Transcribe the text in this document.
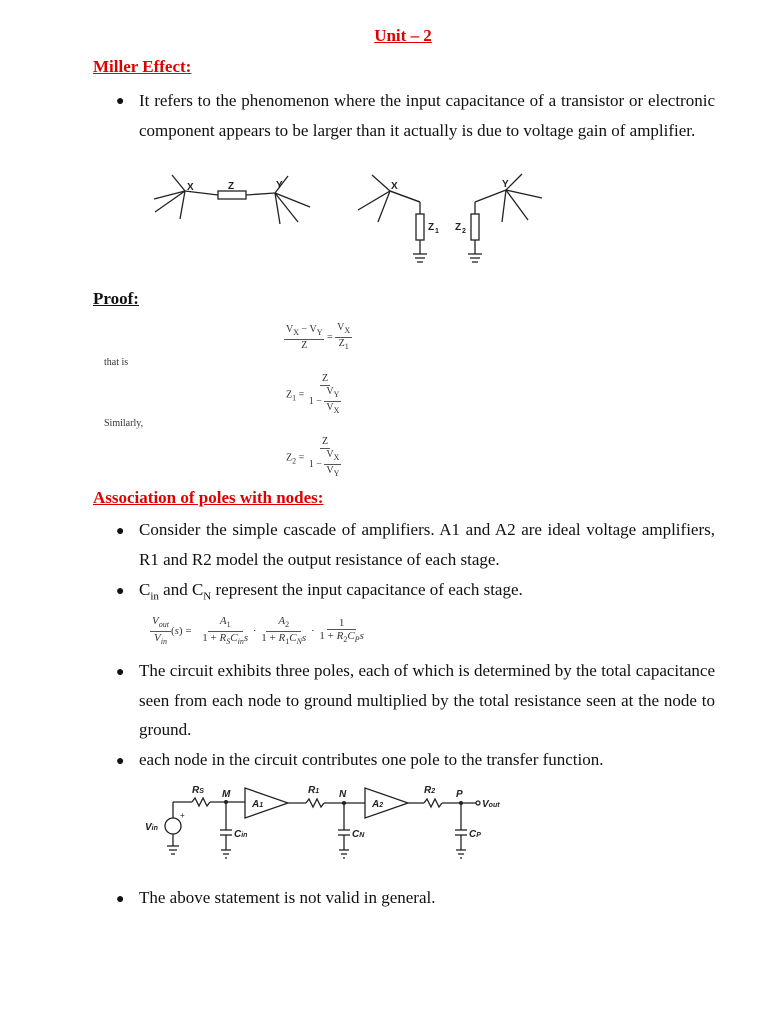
Unit – 2
Miller Effect:
● It refers to the phenomenon where the input capacitance of a transistor or electronic component appears to be larger than it actually is due to voltage gain of amplifier.
X	Z	Y	X	Y
Z 1 Z 2
Proof:
$\frac{V_X - V_Y}{Z} = \frac{V_X}{Z_1}$
that is
$Z_1 = \frac{Z}{1 - \frac{V_Y}{V_X}}$
Similarly,
$Z_2 = \frac{Z}{1 - \frac{V_X}{V_Y}}$
Association of poles with nodes:
● Consider the simple cascade of amplifiers. A1 and A2 are ideal voltage amplifiers, R1 and R2 model the output resistance of each stage.
● $C_{in}$ and $C_N$ represent the input capacitance of each stage.
$\frac{V_{out}}{V_{in}} (s) = \frac{A_1}{1 + R_SC_{in}s} \cdot \frac{A_2}{1 + R_1C_Ns} \cdot \frac{1}{1 + R_2C_Ps}$
● The circuit exhibits three poles, each of which is determined by the total capacitance seen from each node to ground multiplied by the total resistance seen at the node to ground.
● each node in the circuit contributes one pole to the transfer function.
RS M
A1
R1 N
A2
R2 P
Vout
Vin
Cin	CN	CP
+
● The above statement is not valid in general.
